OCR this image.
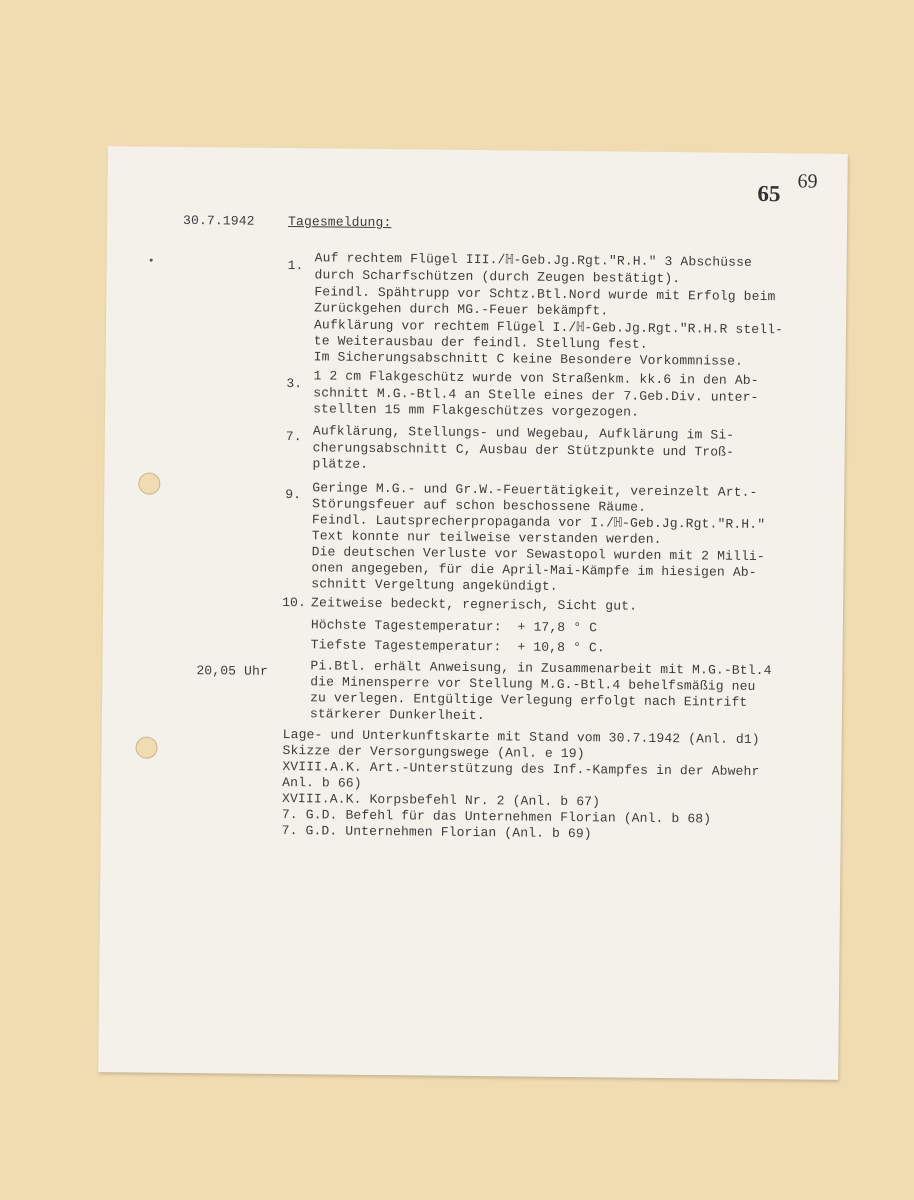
65 69
30.7.1942	Tagesmeldung:
1. Auf rechtem Flügel III./ℍ-Geb.Jg.Rgt."R.H." 3 Abschüsse
durch Scharfschützen (durch Zeugen bestätigt).
Feindl. Spähtrupp vor Schtz.Btl.Nord wurde mit Erfolg beim
Zurückgehen durch MG.-Feuer bekämpft.
Aufklärung vor rechtem Flügel I./ℍ-Geb.Jg.Rgt."R.H.R stell-
te Weiterausbau der feindl. Stellung fest.
Im Sicherungsabschnitt C keine Besondere Vorkommnisse.
3. 1 2 cm Flakgeschütz wurde von Straßenkm. kk.6 in den Ab-
schnitt M.G.-Btl.4 an Stelle eines der 7.Geb.Div. unter-
stellten 15 mm Flakgeschützes vorgezogen.
7. Aufklärung, Stellungs- und Wegebau, Aufklärung im Si-
cherungsabschnitt C, Ausbau der Stützpunkte und Troß-
plätze.
9. Geringe M.G.- und Gr.W.-Feuertätigkeit, vereinzelt Art.-
Störungsfeuer auf schon beschossene Räume.
Feindl. Lautsprecherpropaganda vor I./ℍ-Geb.Jg.Rgt."R.H."
Text konnte nur teilweise verstanden werden.
Die deutschen Verluste vor Sewastopol wurden mit 2 Milli-
onen angegeben, für die April-Mai-Kämpfe im hiesigen Ab-
schnitt Vergeltung angekündigt.
10. Zeitweise bedeckt, regnerisch, Sicht gut.
Höchste Tagestemperatur:  + 17,8 ° C
Tiefste Tagestemperatur:  + 10,8 ° C.
20,05 Uhr	Pi.Btl. erhält Anweisung, in Zusammenarbeit mit M.G.-Btl.4
die Minensperre vor Stellung M.G.-Btl.4 behelfsmäßig neu
zu verlegen. Entgültige Verlegung erfolgt nach Eintrift
stärkerer Dunkerlheit.
Lage- und Unterkunftskarte mit Stand vom 30.7.1942 (Anl. d1)
Skizze der Versorgungswege (Anl. e 19)
XVIII.A.K. Art.-Unterstützung des Inf.-Kampfes in der Abwehr
Anl. b 66)
XVIII.A.K. Korpsbefehl Nr. 2 (Anl. b 67)
7. G.D. Befehl für das Unternehmen Florian (Anl. b 68)
7. G.D. Unternehmen Florian (Anl. b 69)
